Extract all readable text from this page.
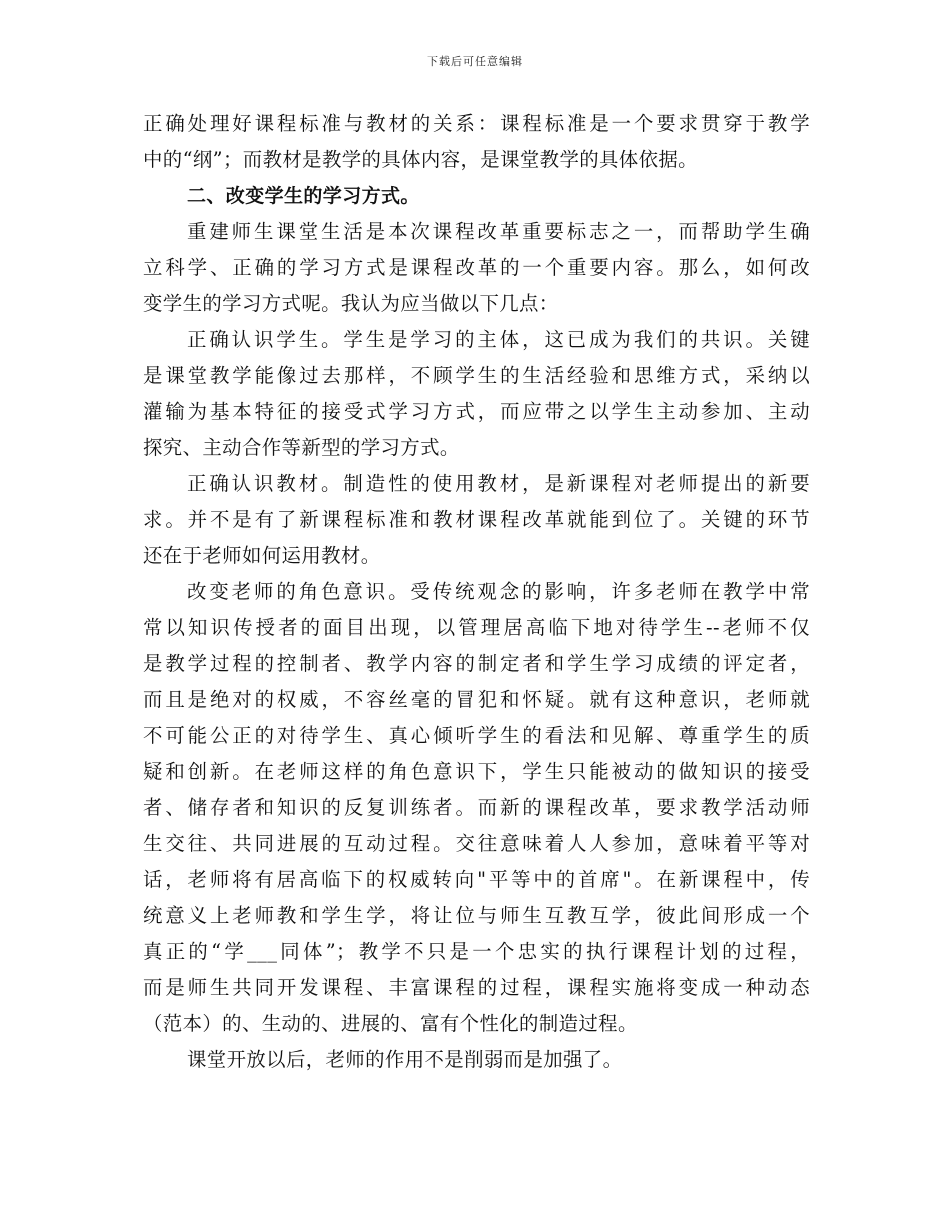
下载后可任意编辑
正确处理好课程标准与教材的关系：课程标准是一个要求贯穿于教学
中的“纲”；而教材是教学的具体内容，是课堂教学的具体依据。
二、改变学生的学习方式。
重建师生课堂生活是本次课程改革重要标志之一，而帮助学生确
立科学、正确的学习方式是课程改革的一个重要内容。那么，如何改
变学生的学习方式呢。我认为应当做以下几点：
正确认识学生。学生是学习的主体，这已成为我们的共识。关键
是课堂教学能像过去那样，不顾学生的生活经验和思维方式，采纳以
灌输为基本特征的接受式学习方式，而应带之以学生主动参加、主动
探究、主动合作等新型的学习方式。
正确认识教材。制造性的使用教材，是新课程对老师提出的新要
求。并不是有了新课程标准和教材课程改革就能到位了。关键的环节
还在于老师如何运用教材。
改变老师的角色意识。受传统观念的影响，许多老师在教学中常
常以知识传授者的面目出现，以管理居高临下地对待学生--老师不仅
是教学过程的控制者、教学内容的制定者和学生学习成绩的评定者，
而且是绝对的权威，不容丝毫的冒犯和怀疑。就有这种意识，老师就
不可能公正的对待学生、真心倾听学生的看法和见解、尊重学生的质
疑和创新。在老师这样的角色意识下，学生只能被动的做知识的接受
者、储存者和知识的反复训练者。而新的课程改革，要求教学活动师
生交往、共同进展的互动过程。交往意味着人人参加，意味着平等对
话，老师将有居高临下的权威转向"平等中的首席"。在新课程中，传
统意义上老师教和学生学，将让位与师生互教互学，彼此间形成一个
真正的“学___同体”；教学不只是一个忠实的执行课程计划的过程，
而是师生共同开发课程、丰富课程的过程，课程实施将变成一种动态
（范本）的、生动的、进展的、富有个性化的制造过程。
课堂开放以后，老师的作用不是削弱而是加强了。
